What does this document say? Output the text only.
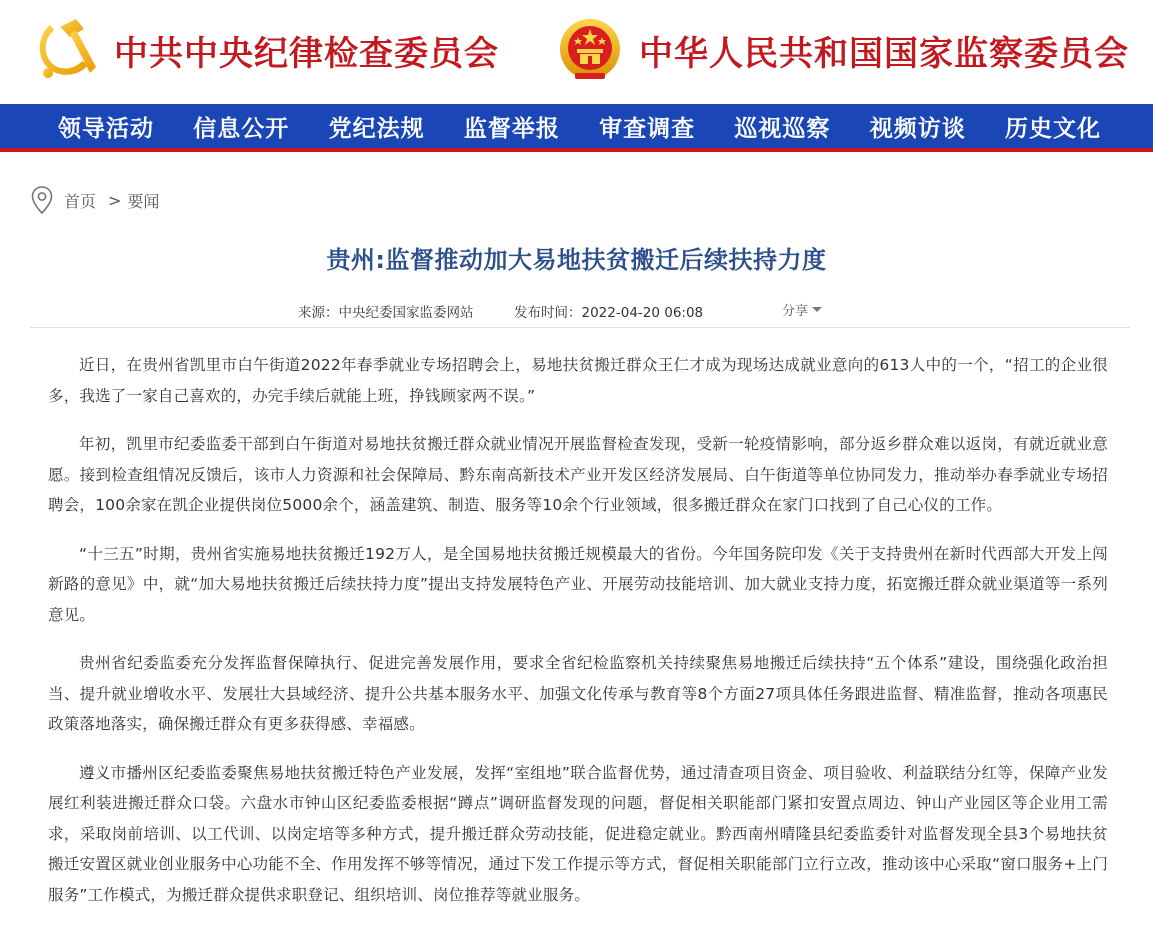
中共中央纪律检查委员会	中华人民共和国国家监察委员会
领导活动 信息公开 党纪法规 监督举报 审查调查 巡视巡察 视频访谈 历史文化
首页 > 要闻
贵州:监督推动加大易地扶贫搬迁后续扶持力度
来源：中央纪委国家监委网站	发布时间：2022-04-20 06:08	分享

近日，在贵州省凯里市白午街道2022年春季就业专场招聘会上，易地扶贫搬迁群众王仁才成为现场达成就业意向的613人中的一个，“招工的企业很多，我选了一家自己喜欢的，办完手续后就能上班，挣钱顾家两不误。”

年初，凯里市纪委监委干部到白午街道对易地扶贫搬迁群众就业情况开展监督检查发现，受新一轮疫情影响，部分返乡群众难以返岗，有就近就业意愿。接到检查组情况反馈后，该市人力资源和社会保障局、黔东南高新技术产业开发区经济发展局、白午街道等单位协同发力，推动举办春季就业专场招聘会，100余家在凯企业提供岗位5000余个，涵盖建筑、制造、服务等10余个行业领域，很多搬迁群众在家门口找到了自己心仪的工作。

“十三五”时期，贵州省实施易地扶贫搬迁192万人，是全国易地扶贫搬迁规模最大的省份。今年国务院印发《关于支持贵州在新时代西部大开发上闯新路的意见》中，就“加大易地扶贫搬迁后续扶持力度”提出支持发展特色产业、开展劳动技能培训、加大就业支持力度，拓宽搬迁群众就业渠道等一系列意见。

贵州省纪委监委充分发挥监督保障执行、促进完善发展作用，要求全省纪检监察机关持续聚焦易地搬迁后续扶持“五个体系”建设，围绕强化政治担当、提升就业增收水平、发展壮大县域经济、提升公共基本服务水平、加强文化传承与教育等8个方面27项具体任务跟进监督、精准监督，推动各项惠民政策落地落实，确保搬迁群众有更多获得感、幸福感。

遵义市播州区纪委监委聚焦易地扶贫搬迁特色产业发展，发挥“室组地”联合监督优势，通过清查项目资金、项目验收、利益联结分红等，保障产业发展红利装进搬迁群众口袋。六盘水市钟山区纪委监委根据“蹲点”调研监督发现的问题，督促相关职能部门紧扣安置点周边、钟山产业园区等企业用工需求，采取岗前培训、以工代训、以岗定培等多种方式，提升搬迁群众劳动技能，促进稳定就业。黔西南州晴隆县纪委监委针对监督发现全县3个易地扶贫搬迁安置区就业创业服务中心功能不全、作用发挥不够等情况，通过下发工作提示等方式，督促相关职能部门立行立改，推动该中心采取“窗口服务+上门服务”工作模式，为搬迁群众提供求职登记、组织培训、岗位推荐等就业服务。
